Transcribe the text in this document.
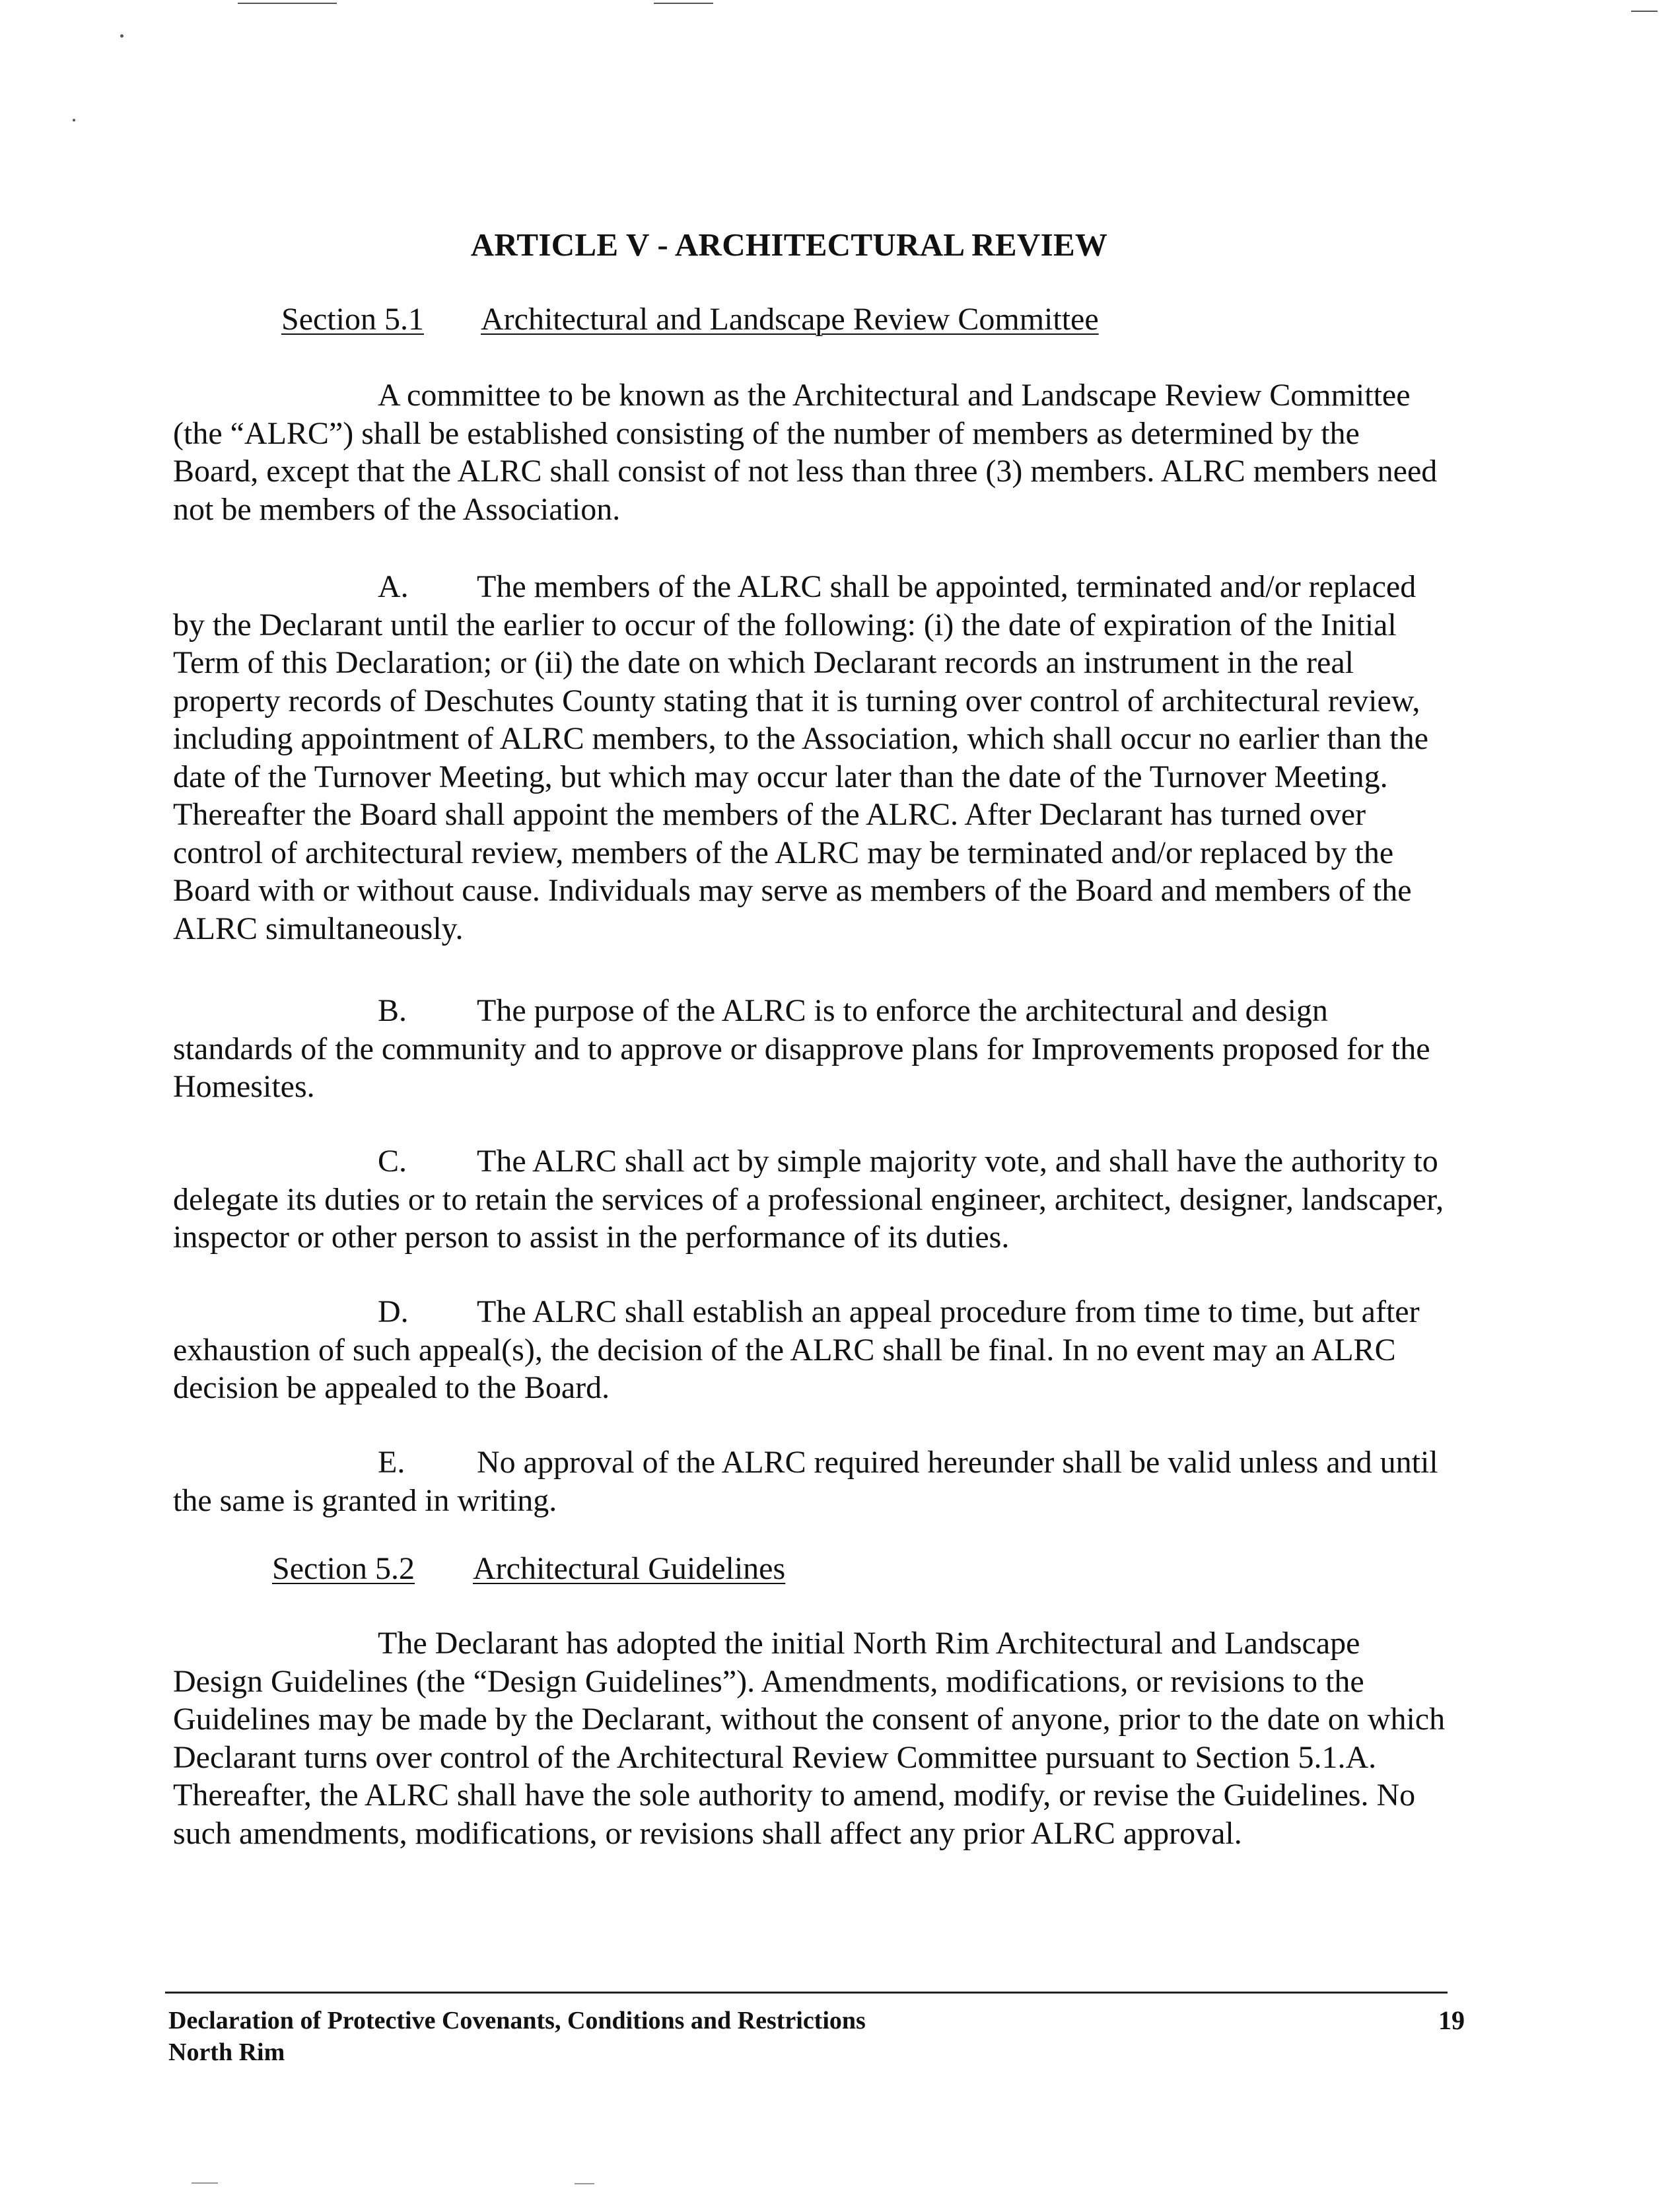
ARTICLE V - ARCHITECTURAL REVIEW
Section 5.1 Architectural and Landscape Review Committee
A committee to be known as the Architectural and Landscape Review Committee (the “ALRC”) shall be established consisting of the number of members as determined by the Board, except that the ALRC shall consist of not less than three (3) members. ALRC members need not be members of the Association.
A. The members of the ALRC shall be appointed, terminated and/or replaced by the Declarant until the earlier to occur of the following: (i) the date of expiration of the Initial Term of this Declaration; or (ii) the date on which Declarant records an instrument in the real property records of Deschutes County stating that it is turning over control of architectural review, including appointment of ALRC members, to the Association, which shall occur no earlier than the date of the Turnover Meeting, but which may occur later than the date of the Turnover Meeting. Thereafter the Board shall appoint the members of the ALRC. After Declarant has turned over control of architectural review, members of the ALRC may be terminated and/or replaced by the Board with or without cause. Individuals may serve as members of the Board and members of the ALRC simultaneously.
B. The purpose of the ALRC is to enforce the architectural and design standards of the community and to approve or disapprove plans for Improvements proposed for the Homesites.
C. The ALRC shall act by simple majority vote, and shall have the authority to delegate its duties or to retain the services of a professional engineer, architect, designer, landscaper, inspector or other person to assist in the performance of its duties.
D. The ALRC shall establish an appeal procedure from time to time, but after exhaustion of such appeal(s), the decision of the ALRC shall be final. In no event may an ALRC decision be appealed to the Board.
E. No approval of the ALRC required hereunder shall be valid unless and until the same is granted in writing.
Section 5.2 Architectural Guidelines
The Declarant has adopted the initial North Rim Architectural and Landscape Design Guidelines (the “Design Guidelines”). Amendments, modifications, or revisions to the Guidelines may be made by the Declarant, without the consent of anyone, prior to the date on which Declarant turns over control of the Architectural Review Committee pursuant to Section 5.1.A. Thereafter, the ALRC shall have the sole authority to amend, modify, or revise the Guidelines. No such amendments, modifications, or revisions shall affect any prior ALRC approval.
Declaration of Protective Covenants, Conditions and Restrictions
North Rim
19
